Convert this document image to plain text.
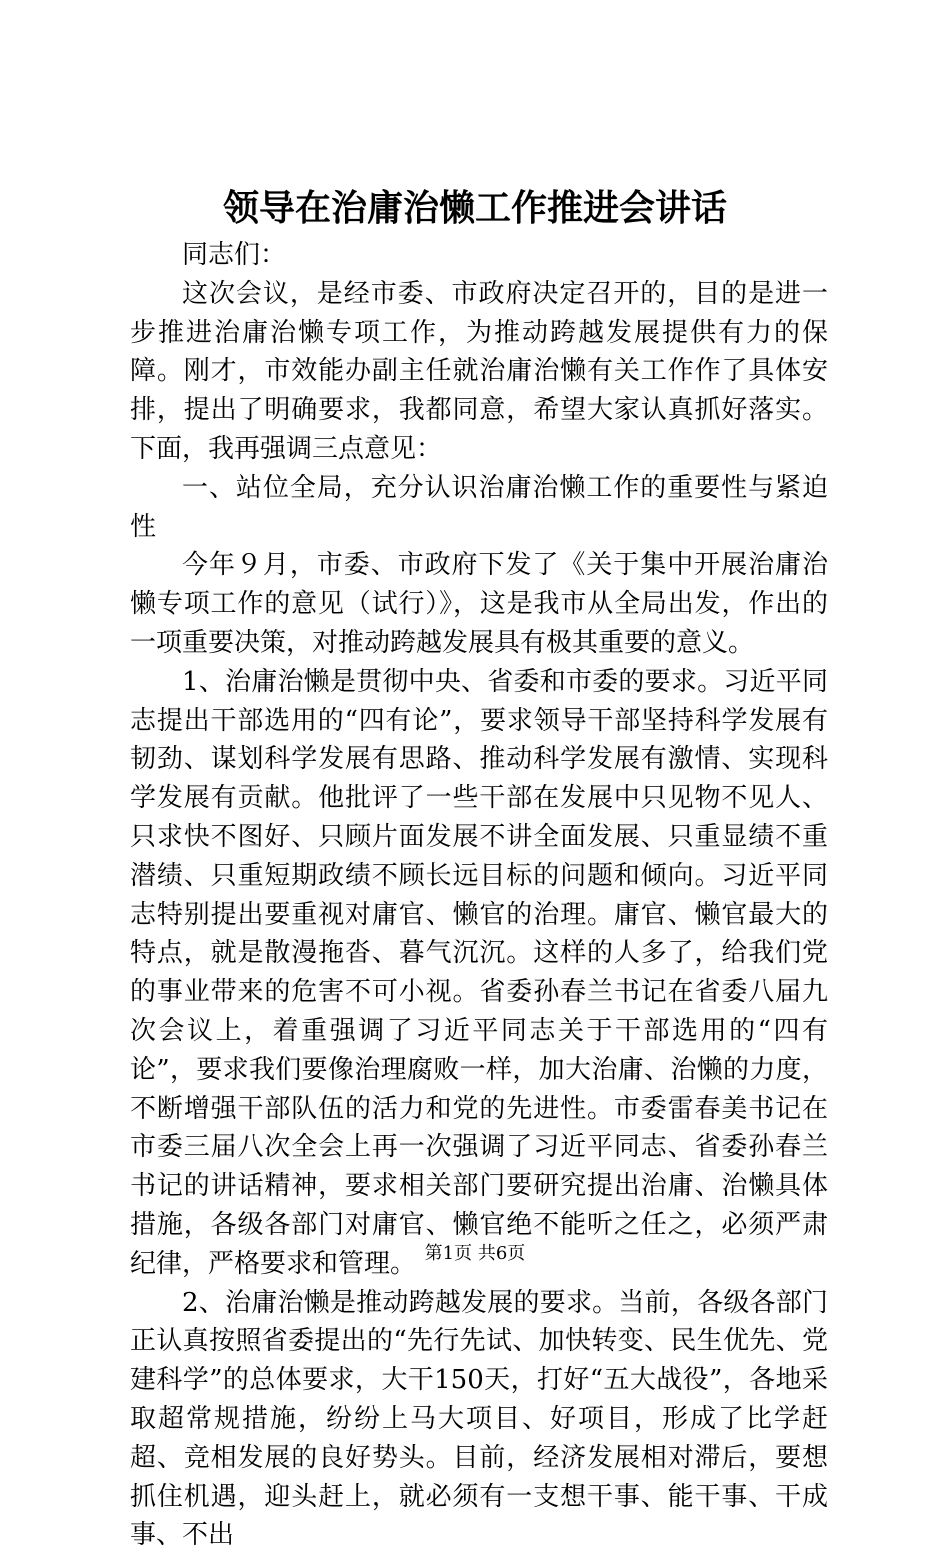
领导在治庸治懒工作推进会讲话

同志们：

这次会议，是经市委、市政府决定召开的，目的是进一步推进治庸治懒专项工作，为推动跨越发展提供有力的保障。刚才，市效能办副主任就治庸治懒有关工作作了具体安排，提出了明确要求，我都同意，希望大家认真抓好落实。下面，我再强调三点意见：

一、站位全局，充分认识治庸治懒工作的重要性与紧迫性

今年９月，市委、市政府下发了《关于集中开展治庸治懒专项工作的意见（试行）》，这是我市从全局出发，作出的一项重要决策，对推动跨越发展具有极其重要的意义。

1、治庸治懒是贯彻中央、省委和市委的要求。习近平同志提出干部选用的“四有论”，要求领导干部坚持科学发展有韧劲、谋划科学发展有思路、推动科学发展有激情、实现科学发展有贡献。他批评了一些干部在发展中只见物不见人、只求快不图好、只顾片面发展不讲全面发展、只重显绩不重潜绩、只重短期政绩不顾长远目标的问题和倾向。习近平同志特别提出要重视对庸官、懒官的治理。庸官、懒官最大的特点，就是散漫拖沓、暮气沉沉。这样的人多了，给我们党的事业带来的危害不可小视。省委孙春兰书记在省委八届九次会议上，着重强调了习近平同志关于干部选用的“四有论”，要求我们要像治理腐败一样，加大治庸、治懒的力度，不断增强干部队伍的活力和党的先进性。市委雷春美书记在市委三届八次全会上再一次强调了习近平同志、省委孙春兰书记的讲话精神，要求相关部门要研究提出治庸、治懒具体措施，各级各部门对庸官、懒官绝不能听之任之，必须严肃纪律，严格要求和管理。

2、治庸治懒是推动跨越发展的要求。当前，各级各部门正认真按照省委提出的“先行先试、加快转变、民生优先、党建科学”的总体要求，大干150天，打好“五大战役”，各地采取超常规措施，纷纷上马大项目、好项目，形成了比学赶超、竞相发展的良好势头。目前，经济发展相对滞后，要想抓住机遇，迎头赶上，就必须有一支想干事、能干事、干成事、不出

第1页 共6页
